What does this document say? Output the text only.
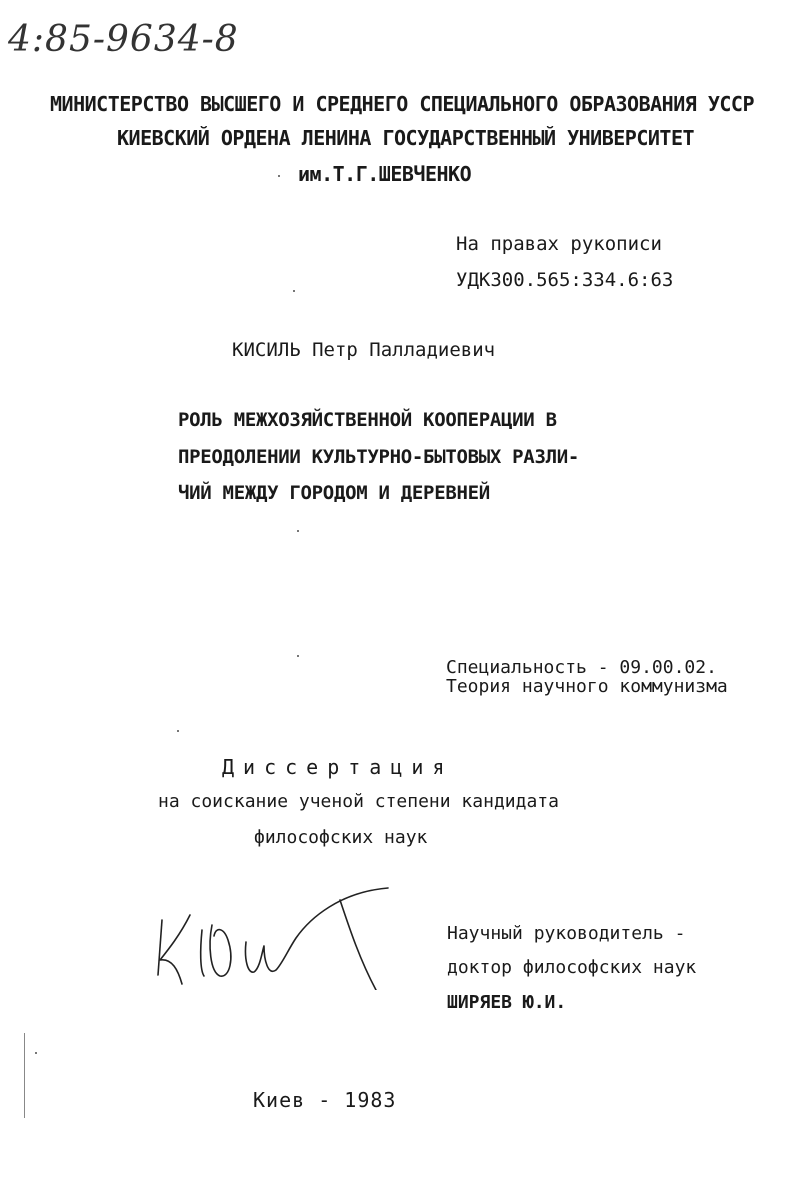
4:85-9634-8
МИНИСТЕРСТВО ВЫСШЕГО И СРЕДНЕГО СПЕЦИАЛЬНОГО ОБРАЗОВАНИЯ УССР
КИЕВСКИЙ ОРДЕНА ЛЕНИНА ГОСУДАРСТВЕННЫЙ УНИВЕРСИТЕТ
им.Т.Г.ШЕВЧЕНКО
На правах рукописи
УДК300.565:334.6:63
КИСИЛЬ Петр Палладиевич
РОЛЬ МЕЖХОЗЯЙСТВЕННОЙ КООПЕРАЦИИ В
ПРЕОДОЛЕНИИ КУЛЬТУРНО-БЫТОВЫХ РАЗЛИ-
ЧИЙ МЕЖДУ ГОРОДОМ И ДЕРЕВНЕЙ
Специальность - 09.00.02.
Теория научного коммунизма
Диссертация
на соискание ученой степени кандидата
философских наук
Научный руководитель -
доктор философских наук
ШИРЯЕВ Ю.И.
Киев - 1983
